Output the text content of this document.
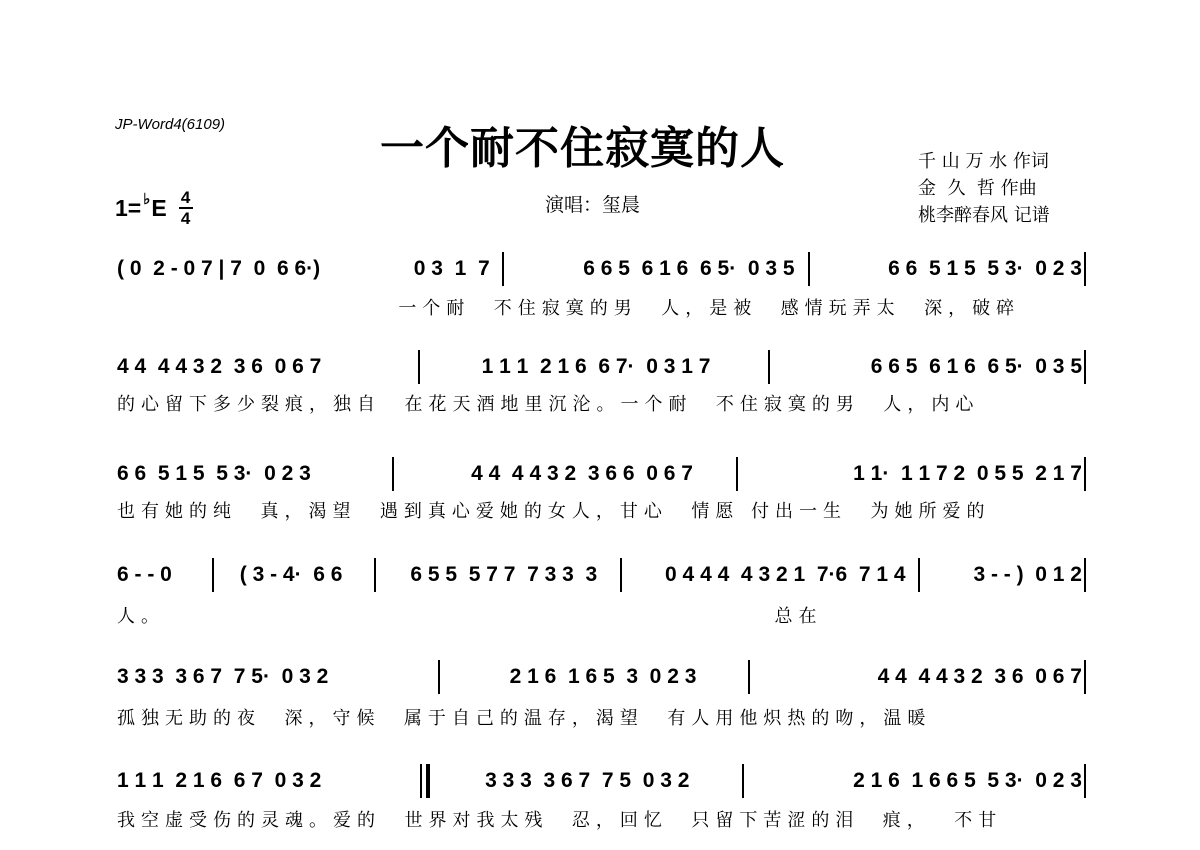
JP-Word4(6109)	一个耐不住寂寞的人	千 山 万 水 作词
金  久  哲 作曲
桃李醉春风 记谱
1= ♭ E 4
4
演唱：玺晨
( 0  2 - 0 7 | 7  0  6 6·)	0 3  1  7	6 6 5  6 1 6  6 5·  0 3 5	6 6  5 1 5  5 3·  0 2 3
一个耐  不住寂寞的男  人，是被  感情玩弄太  深，破碎
4 4  4 4 3 2  3 6  0 6 7	1 1 1  2 1 6  6 7·  0 3 1 7	6 6 5  6 1 6  6 5·  0 3 5
的心留下多少裂痕，独自  在花天酒地里沉沦。一个耐  不住寂寞的男  人，内心
6 6  5 1 5  5 3·  0 2 3	4 4  4 4 3 2  3 6 6  0 6 7	1 1·  1 1 7 2  0 5 5  2 1 7
也有她的纯  真，渴望  遇到真心爱她的女人，甘心  情愿 付出一生  为她所爱的
6 - - 0	( 3 - 4·  6 6	6 5 5  5 7 7  7 3 3  3	0 4 4 4  4 3 2 1  7·6  7 1 4	3 - - )  0 1 2
人。                                                    总在
3 3 3  3 6 7  7 5·  0 3 2	2 1 6  1 6 5  3  0 2 3	4 4  4 4 3 2  3 6  0 6 7
孤独无助的夜  深，守候  属于自己的温存，渴望  有人用他炽热的吻，温暖
1 1 1  2 1 6  6 7  0 3 2	3 3 3  3 6 7  7 5  0 3 2	2 1 6  1 6 6 5  5 3·  0 2 3
我空虚受伤的灵魂。爱的  世界对我太残  忍，回忆  只留下苦涩的泪  痕，  不甘
